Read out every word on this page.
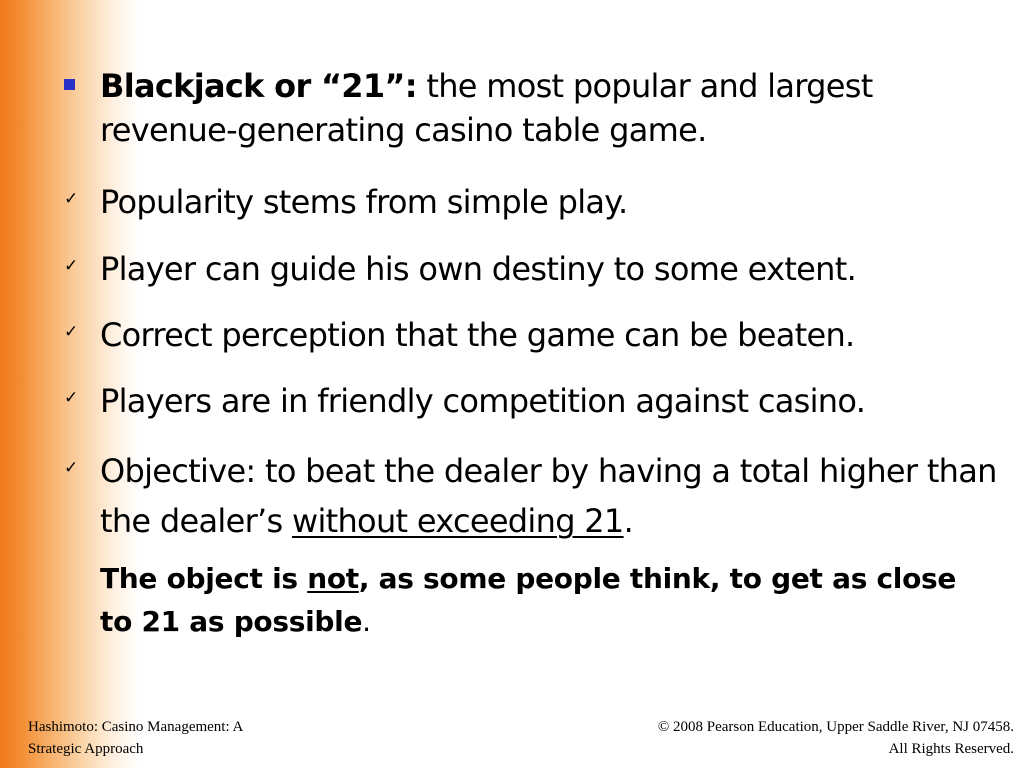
Blackjack or “21”: the most popular and largest revenue-generating casino table game.
✓ Popularity stems from simple play.
✓ Player can guide his own destiny to some extent.
✓ Correct perception that the game can be beaten.
✓ Players are in friendly competition against casino.
✓ Objective: to beat the dealer by having a total higher than the dealer’s without exceeding 21.
The object is not, as some people think, to get as close to 21 as possible.
Hashimoto: Casino Management: A
Strategic Approach
© 2008 Pearson Education, Upper Saddle River, NJ 07458.
All Rights Reserved.
